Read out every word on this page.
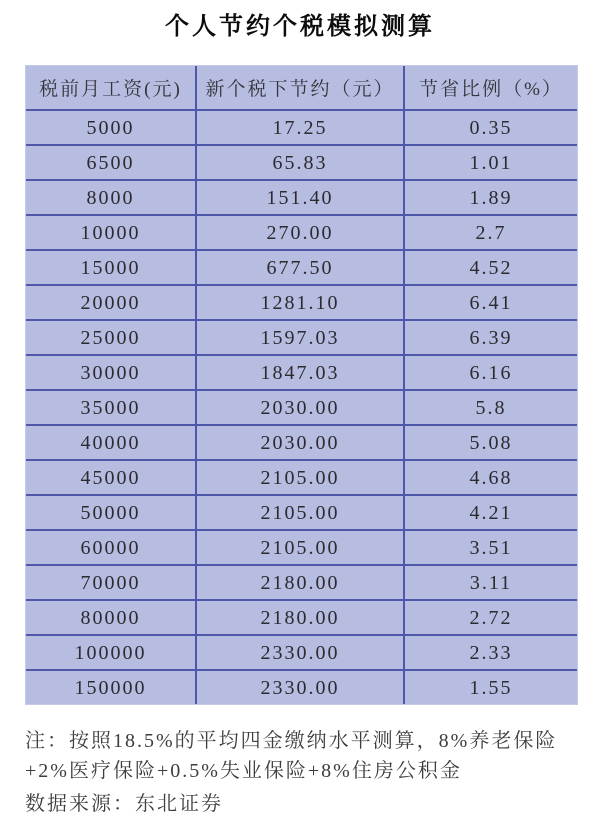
个人节约个税模拟测算
税前月工资(元)	新个税下节约（元）	节省比例（%）
5000	17.25	0.35
6500	65.83	1.01
8000	151.40	1.89
10000	270.00	2.7
15000	677.50	4.52
20000	1281.10	6.41
25000	1597.03	6.39
30000	1847.03	6.16
35000	2030.00	5.8
40000	2030.00	5.08
45000	2105.00	4.68
50000	2105.00	4.21
60000	2105.00	3.51
70000	2180.00	3.11
80000	2180.00	2.72
100000	2330.00	2.33
150000	2330.00	1.55
注：按照18.5%的平均四金缴纳水平测算，8%养老保险+2%医疗保险+0.5%失业保险+8%住房公积金
数据来源：东北证券
